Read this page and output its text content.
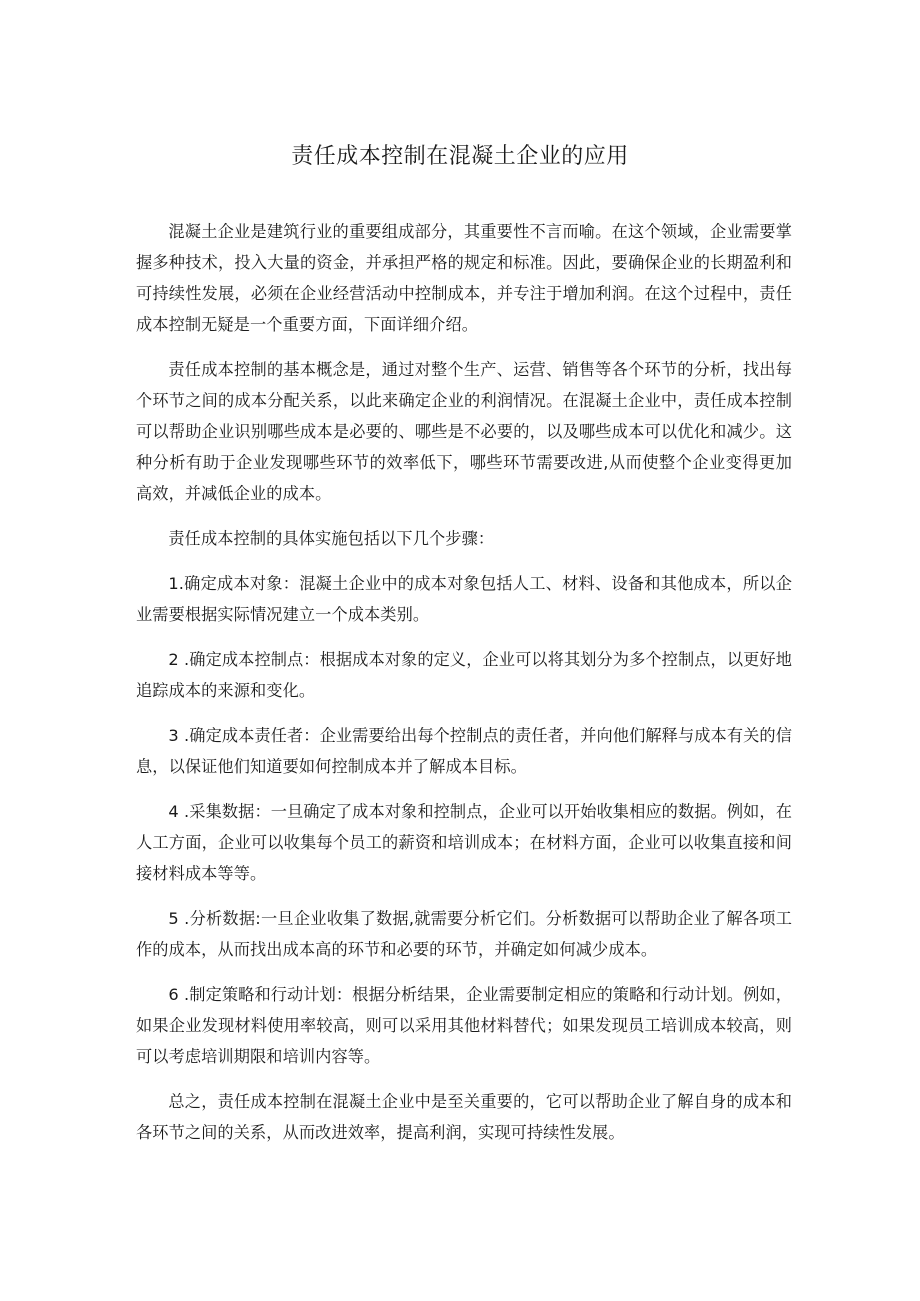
责任成本控制在混凝土企业的应用

混凝土企业是建筑行业的重要组成部分，其重要性不言而喻。在这个领域，企业需要掌握多种技术，投入大量的资金，并承担严格的规定和标准。因此，要确保企业的长期盈利和可持续性发展，必须在企业经营活动中控制成本，并专注于增加利润。在这个过程中，责任成本控制无疑是一个重要方面，下面详细介绍。

责任成本控制的基本概念是，通过对整个生产、运营、销售等各个环节的分析，找出每个环节之间的成本分配关系，以此来确定企业的利润情况。在混凝土企业中，责任成本控制可以帮助企业识别哪些成本是必要的、哪些是不必要的，以及哪些成本可以优化和减少。这种分析有助于企业发现哪些环节的效率低下，哪些环节需要改进,从而使整个企业变得更加高效，并减低企业的成本。

责任成本控制的具体实施包括以下几个步骤：

1.确定成本对象：混凝土企业中的成本对象包括人工、材料、设备和其他成本，所以企业需要根据实际情况建立一个成本类别。

2 .确定成本控制点：根据成本对象的定义，企业可以将其划分为多个控制点，以更好地追踪成本的来源和变化。

3 .确定成本责任者：企业需要给出每个控制点的责任者，并向他们解释与成本有关的信息，以保证他们知道要如何控制成本并了解成本目标。

4 .采集数据：一旦确定了成本对象和控制点，企业可以开始收集相应的数据。例如，在人工方面，企业可以收集每个员工的薪资和培训成本；在材料方面，企业可以收集直接和间接材料成本等等。

5 .分析数据:一旦企业收集了数据,就需要分析它们。分析数据可以帮助企业了解各项工作的成本，从而找出成本高的环节和必要的环节，并确定如何减少成本。

6 .制定策略和行动计划：根据分析结果，企业需要制定相应的策略和行动计划。例如，如果企业发现材料使用率较高，则可以采用其他材料替代；如果发现员工培训成本较高，则可以考虑培训期限和培训内容等。

总之，责任成本控制在混凝土企业中是至关重要的，它可以帮助企业了解自身的成本和各环节之间的关系，从而改进效率，提高利润，实现可持续性发展。
